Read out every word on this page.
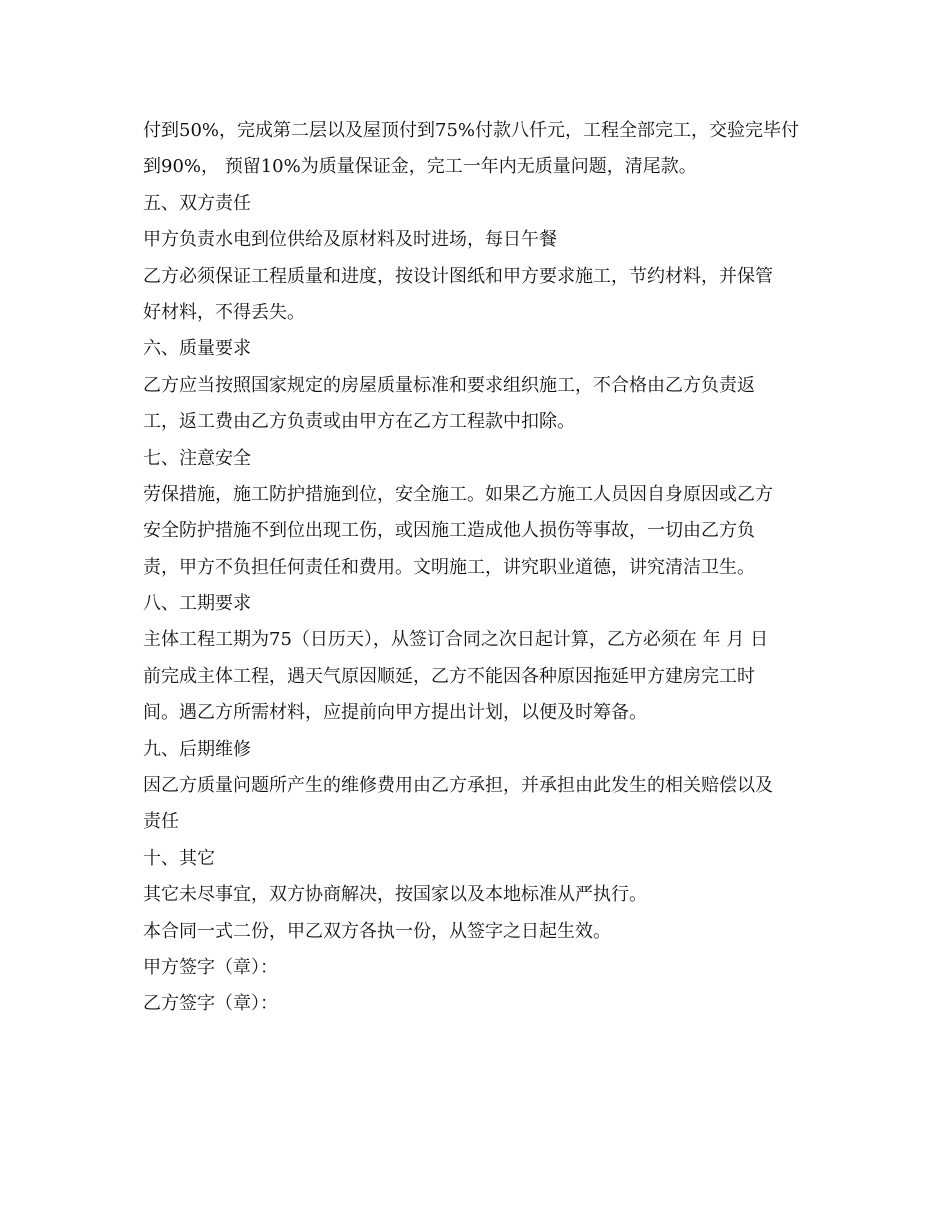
付到50%，完成第二层以及屋顶付到75%付款八仟元，工程全部完工，交验完毕付

到90%， 预留10%为质量保证金，完工一年内无质量问题，清尾款。

五、双方责任

甲方负责水电到位供给及原材料及时进场，每日午餐

乙方必须保证工程质量和进度，按设计图纸和甲方要求施工，节约材料，并保管

好材料，不得丢失。

六、质量要求

乙方应当按照国家规定的房屋质量标准和要求组织施工，不合格由乙方负责返

工，返工费由乙方负责或由甲方在乙方工程款中扣除。

七、注意安全

劳保措施，施工防护措施到位，安全施工。如果乙方施工人员因自身原因或乙方

安全防护措施不到位出现工伤，或因施工造成他人损伤等事故，一切由乙方负

责，甲方不负担任何责任和费用。文明施工，讲究职业道德，讲究清洁卫生。

八、工期要求

主体工程工期为75（日历天），从签订合同之次日起计算，乙方必须在 年 月 日

前完成主体工程，遇天气原因顺延，乙方不能因各种原因拖延甲方建房完工时

间。遇乙方所需材料，应提前向甲方提出计划，以便及时筹备。

九、后期维修

因乙方质量问题所产生的维修费用由乙方承担，并承担由此发生的相关赔偿以及

责任

十、其它

其它未尽事宜，双方协商解决，按国家以及本地标准从严执行。

本合同一式二份，甲乙双方各执一份，从签字之日起生效。

甲方签字（章）：

乙方签字（章）：
